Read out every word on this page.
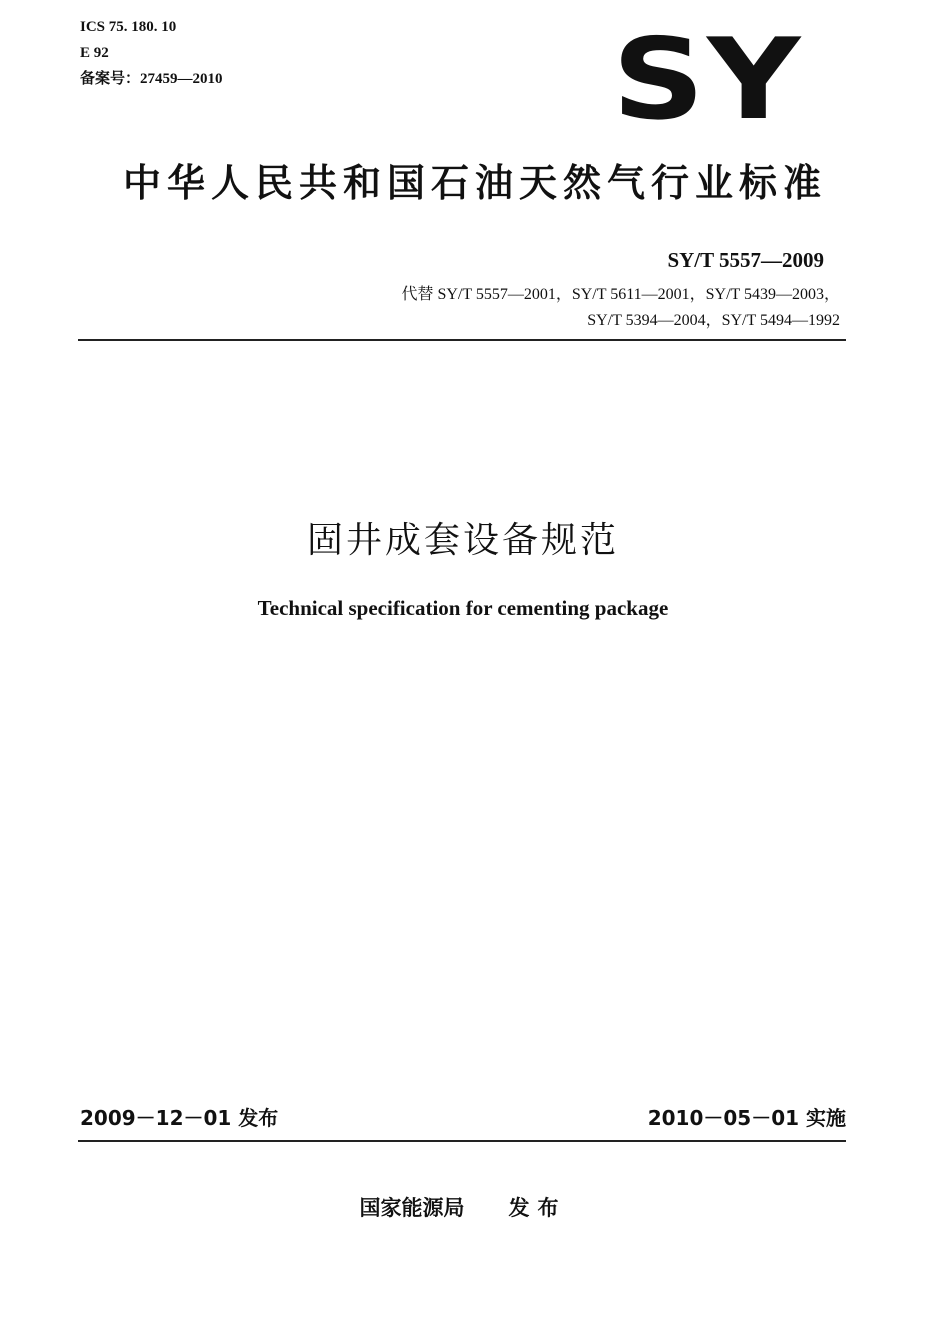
ICS 75. 180. 10
E 92
备案号：27459—2010	SY
中华人民共和国石油天然气行业标准
SY/T 5557—2009
代替 SY/T 5557—2001，SY/T 5611—2001，SY/T 5439—2003，
SY/T 5394—2004，SY/T 5494—1992
固井成套设备规范
Technical specification for cementing package
2009－12－01 发布	2010－05－01 实施
国家能源局 发布
